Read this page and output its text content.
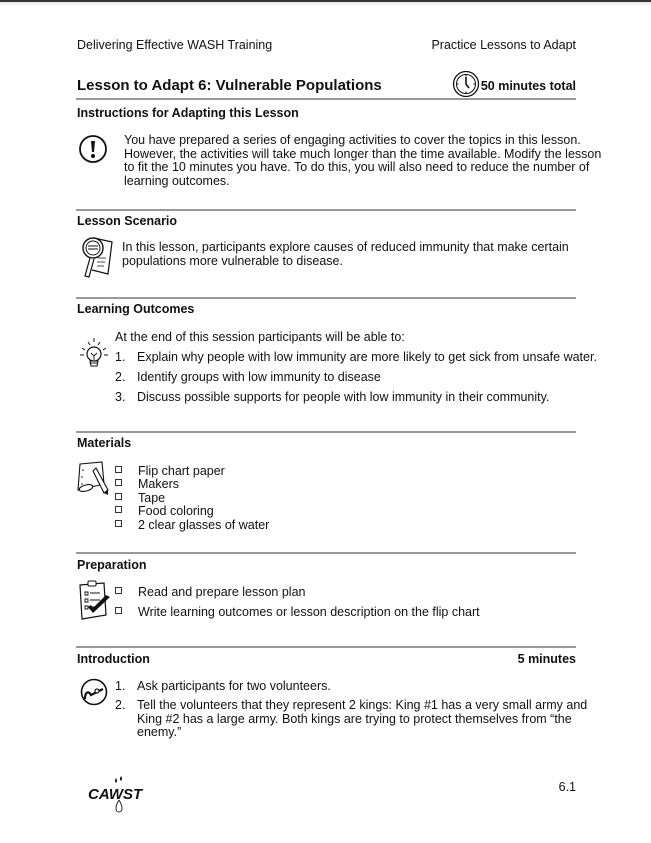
Delivering Effective WASH Training	Practice Lessons to Adapt
Lesson to Adapt 6: Vulnerable Populations	50 minutes total
Instructions for Adapting this Lesson
You have prepared a series of engaging activities to cover the topics in this lesson.
However, the activities will take much longer than the time available. Modify the lesson
to fit the 10 minutes you have. To do this, you will also need to reduce the number of
learning outcomes.
Lesson Scenario
In this lesson, participants explore causes of reduced immunity that make certain
populations more vulnerable to disease.
Learning Outcomes
At the end of this session participants will be able to:
1. Explain why people with low immunity are more likely to get sick from unsafe water.
2. Identify groups with low immunity to disease
3. Discuss possible supports for people with low immunity in their community.
Materials
Flip chart paper
Makers
Tape
Food coloring
2 clear glasses of water
Preparation
Read and prepare lesson plan
Write learning outcomes or lesson description on the flip chart
Introduction	5 minutes
1. Ask participants for two volunteers.
2. Tell the volunteers that they represent 2 kings: King #1 has a very small army and
King #2 has a large army. Both kings are trying to protect themselves from “the
enemy.”
CAWST	6.1
